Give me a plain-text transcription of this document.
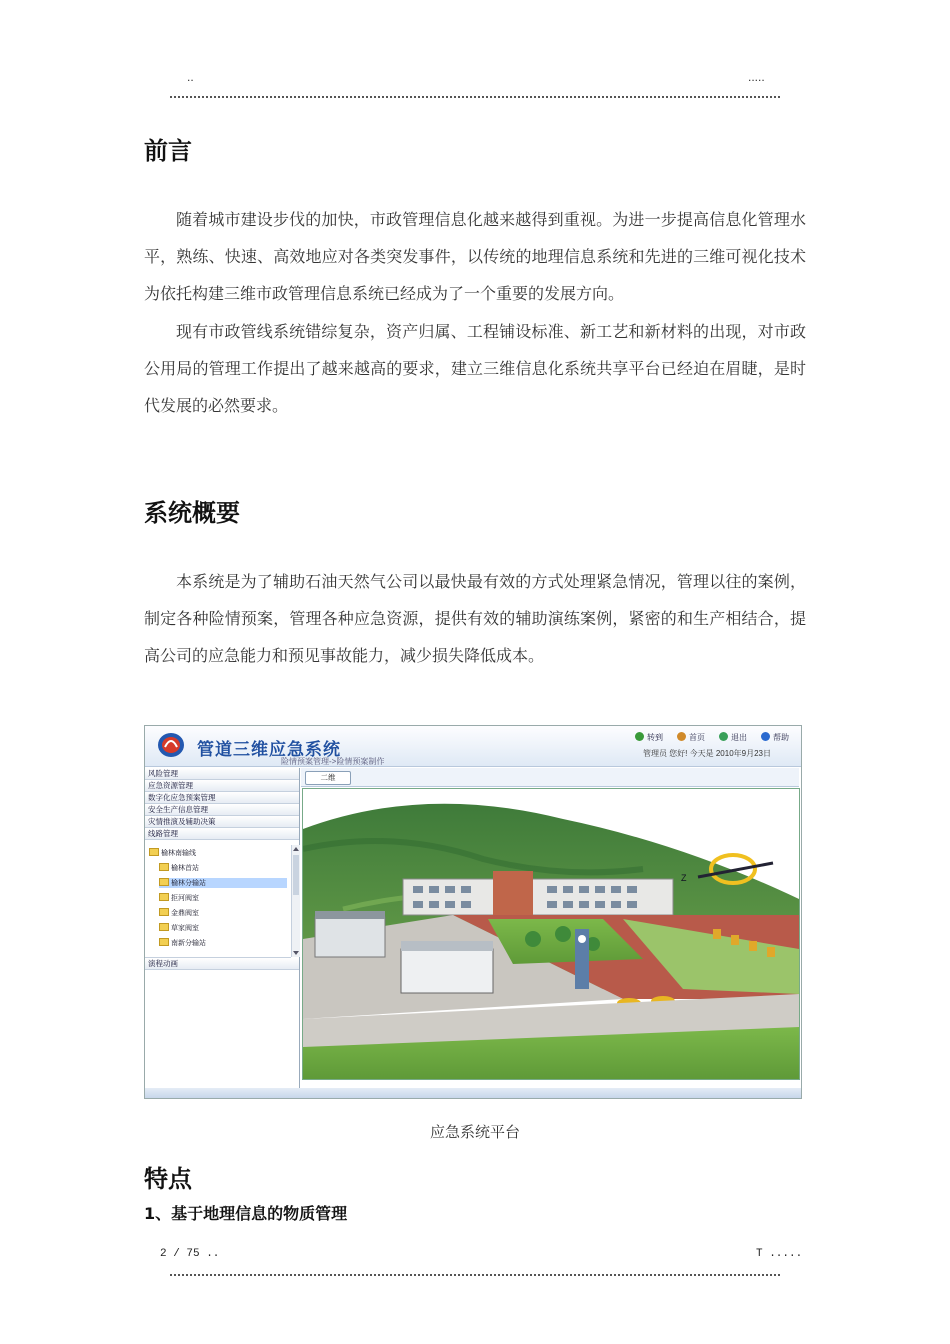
..	.....
前言

随着城市建设步伐的加快，市政管理信息化越来越得到重视。为进一步提高信息化管理水平，熟练、快速、高效地应对各类突发事件，以传统的地理信息系统和先进的三维可视化技术为依托构建三维市政管理信息系统已经成为了一个重要的发展方向。

现有市政管线系统错综复杂，资产归属、工程铺设标准、新工艺和新材料的出现，对市政公用局的管理工作提出了越来越高的要求，建立三维信息化系统共享平台已经迫在眉睫，是时代发展的必然要求。

系统概要

本系统是为了辅助石油天然气公司以最快最有效的方式处理紧急情况，管理以往的案例，制定各种险情预案，管理各种应急资源，提供有效的辅助演练案例，紧密的和生产相结合，提高公司的应急能力和预见事故能力，减少损失降低成本。

管道三维应急系统
险情预案管理->险情预案制作
转到	首页	退出	帮助
管理员 您好! 今天是 2010年9月23日
风险管理
应急资源管理
数字化应急预案管理
安全生产信息管理
灾情推演及辅助决策
线路管理
榆林南输线
榆林首站
榆林分输站
拒河阀室
金鼎阀室
草家阀室
南新分输站
演程动画
二维
Z
应急系统平台
特点
1、基于地理信息的物质管理
2 / 75 ..	T .....
